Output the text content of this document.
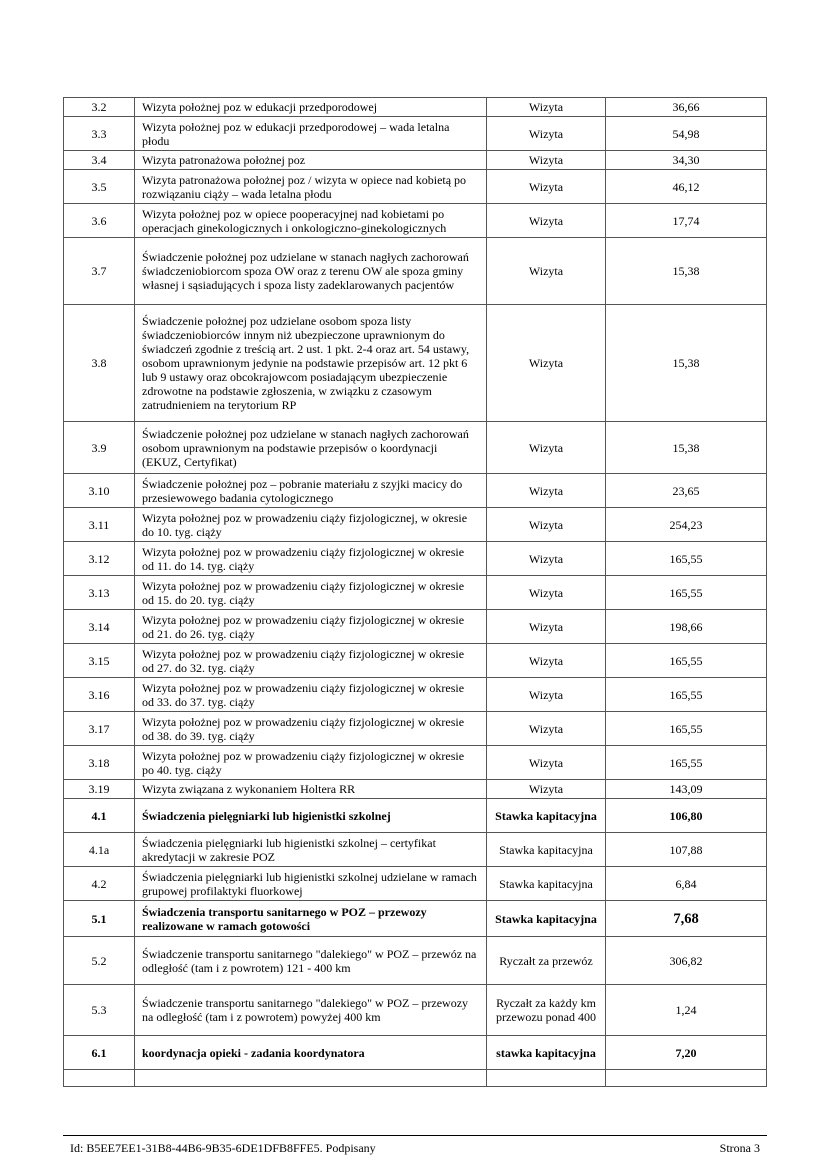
3.2	Wizyta położnej poz w edukacji przedporodowej	Wizyta	36,66
3.3	Wizyta położnej poz w edukacji przedporodowej – wada letalna płodu	Wizyta	54,98
3.4	Wizyta patronażowa położnej poz	Wizyta	34,30
3.5	Wizyta patronażowa położnej poz / wizyta w opiece nad kobietą po rozwiązaniu ciąży – wada letalna płodu	Wizyta	46,12
3.6	Wizyta położnej poz w opiece pooperacyjnej nad kobietami po operacjach ginekologicznych i onkologiczno-ginekologicznych	Wizyta	17,74
3.7	Świadczenie położnej poz udzielane w stanach nagłych zachorowań świadczeniobiorcom spoza OW oraz z terenu OW ale spoza gminy własnej i sąsiadujących i spoza listy zadeklarowanych pacjentów	Wizyta	15,38
3.8	Świadczenie położnej poz udzielane osobom spoza listy świadczeniobiorców innym niż ubezpieczone uprawnionym do świadczeń zgodnie z treścią art. 2 ust. 1 pkt. 2-4 oraz art. 54 ustawy, osobom uprawnionym jedynie na podstawie przepisów art. 12 pkt 6 lub 9 ustawy oraz obcokrajowcom posiadającym ubezpieczenie zdrowotne na podstawie zgłoszenia, w związku z czasowym zatrudnieniem na terytorium RP	Wizyta	15,38
3.9	Świadczenie położnej poz udzielane w stanach nagłych zachorowań osobom uprawnionym na podstawie przepisów o koordynacji (EKUZ, Certyfikat)	Wizyta	15,38
3.10	Świadczenie położnej poz – pobranie materiału z szyjki macicy do przesiewowego badania cytologicznego	Wizyta	23,65
3.11	Wizyta położnej poz w prowadzeniu ciąży fizjologicznej, w okresie do 10. tyg. ciąży	Wizyta	254,23
3.12	Wizyta położnej poz w prowadzeniu ciąży fizjologicznej w okresie od 11. do 14. tyg. ciąży	Wizyta	165,55
3.13	Wizyta położnej poz w prowadzeniu ciąży fizjologicznej w okresie od 15. do 20. tyg. ciąży	Wizyta	165,55
3.14	Wizyta położnej poz w prowadzeniu ciąży fizjologicznej w okresie od 21. do 26. tyg. ciąży	Wizyta	198,66
3.15	Wizyta położnej poz w prowadzeniu ciąży fizjologicznej w okresie od 27. do 32. tyg. ciąży	Wizyta	165,55
3.16	Wizyta położnej poz w prowadzeniu ciąży fizjologicznej w okresie od 33. do 37. tyg. ciąży	Wizyta	165,55
3.17	Wizyta położnej poz w prowadzeniu ciąży fizjologicznej w okresie od 38. do 39. tyg. ciąży	Wizyta	165,55
3.18	Wizyta położnej poz w prowadzeniu ciąży fizjologicznej w okresie po 40. tyg. ciąży	Wizyta	165,55
3.19	Wizyta związana z wykonaniem Holtera RR	Wizyta	143,09
4.1	Świadczenia pielęgniarki lub higienistki szkolnej	Stawka kapitacyjna	106,80
4.1a	Świadczenia pielęgniarki lub higienistki szkolnej – certyfikat akredytacji w zakresie POZ	Stawka kapitacyjna	107,88
4.2	Świadczenia pielęgniarki lub higienistki szkolnej udzielane w ramach grupowej profilaktyki fluorkowej	Stawka kapitacyjna	6,84
5.1	Świadczenia transportu sanitarnego w POZ – przewozy realizowane w ramach gotowości	Stawka kapitacyjna	7,68
5.2	Świadczenie transportu sanitarnego "dalekiego" w POZ – przewóz na odległość (tam i z powrotem) 121 - 400 km	Ryczałt za przewóz	306,82
5.3	Świadczenie transportu sanitarnego "dalekiego" w POZ – przewozy na odległość (tam i z powrotem) powyżej 400 km	Ryczałt za każdy km przewozu ponad 400	1,24
6.1	koordynacja opieki - zadania koordynatora	stawka kapitacyjna	7,20

Id: B5EE7EE1-31B8-44B6-9B35-6DE1DFB8FFE5. Podpisany	Strona 3
